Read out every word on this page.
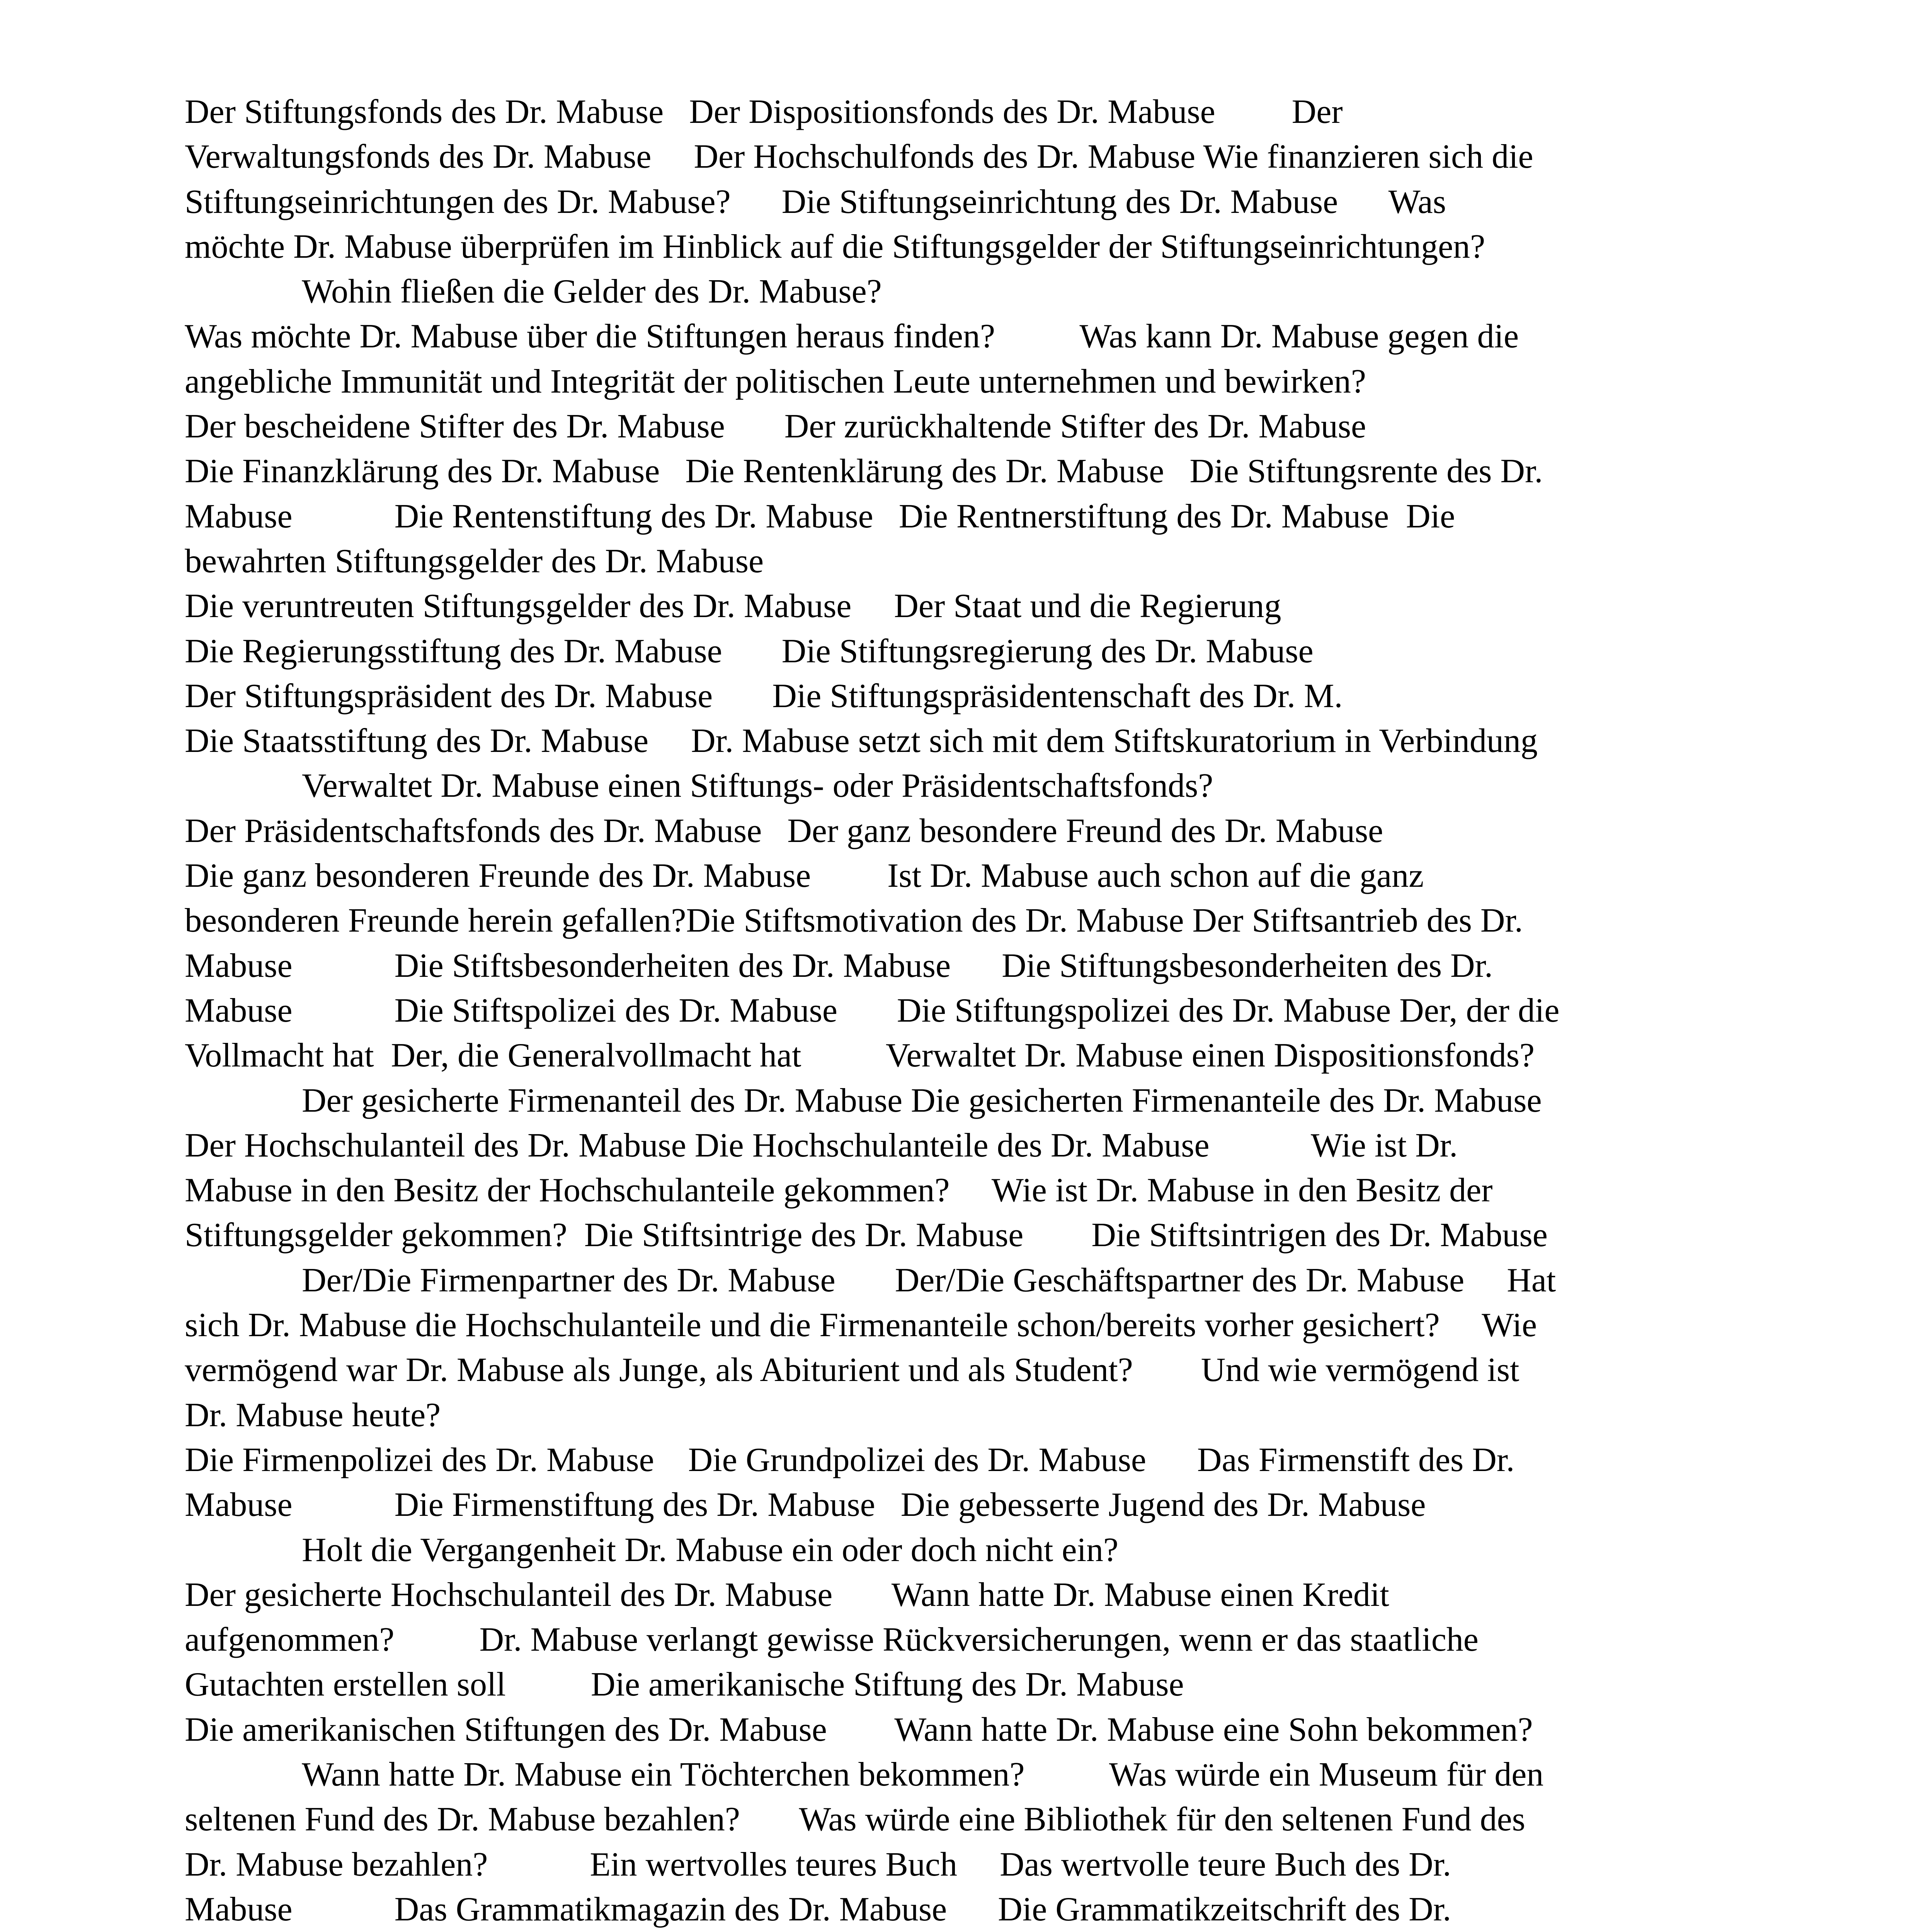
Der Stiftungsfonds des Dr. Mabuse   Der Dispositionsfonds des Dr. Mabuse         Der
Verwaltungsfonds des Dr. Mabuse     Der Hochschulfonds des Dr. Mabuse Wie finanzieren sich die
Stiftungseinrichtungen des Dr. Mabuse?      Die Stiftungseinrichtung des Dr. Mabuse      Was
möchte Dr. Mabuse überprüfen im Hinblick auf die Stiftungsgelder der Stiftungseinrichtungen?
Wohin fließen die Gelder des Dr. Mabuse?
Was möchte Dr. Mabuse über die Stiftungen heraus finden?          Was kann Dr. Mabuse gegen die
angebliche Immunität und Integrität der politischen Leute unternehmen und bewirken?
Der bescheidene Stifter des Dr. Mabuse       Der zurückhaltende Stifter des Dr. Mabuse
Die Finanzklärung des Dr. Mabuse   Die Rentenklärung des Dr. Mabuse   Die Stiftungsrente des Dr.
Mabuse            Die Rentenstiftung des Dr. Mabuse   Die Rentnerstiftung des Dr. Mabuse  Die
bewahrten Stiftungsgelder des Dr. Mabuse
Die veruntreuten Stiftungsgelder des Dr. Mabuse     Der Staat und die Regierung
Die Regierungsstiftung des Dr. Mabuse       Die Stiftungsregierung des Dr. Mabuse
Der Stiftungspräsident des Dr. Mabuse       Die Stiftungspräsidentenschaft des Dr. M.
Die Staatsstiftung des Dr. Mabuse     Dr. Mabuse setzt sich mit dem Stiftskuratorium in Verbindung
Verwaltet Dr. Mabuse einen Stiftungs- oder Präsidentschaftsfonds?
Der Präsidentschaftsfonds des Dr. Mabuse   Der ganz besondere Freund des Dr. Mabuse
Die ganz besonderen Freunde des Dr. Mabuse         Ist Dr. Mabuse auch schon auf die ganz
besonderen Freunde herein gefallen?Die Stiftsmotivation des Dr. Mabuse Der Stiftsantrieb des Dr.
Mabuse            Die Stiftsbesonderheiten des Dr. Mabuse      Die Stiftungsbesonderheiten des Dr.
Mabuse            Die Stiftspolizei des Dr. Mabuse       Die Stiftungspolizei des Dr. Mabuse Der, der die
Vollmacht hat  Der, die Generalvollmacht hat          Verwaltet Dr. Mabuse einen Dispositionsfonds?
Der gesicherte Firmenanteil des Dr. Mabuse Die gesicherten Firmenanteile des Dr. Mabuse
Der Hochschulanteil des Dr. Mabuse Die Hochschulanteile des Dr. Mabuse            Wie ist Dr.
Mabuse in den Besitz der Hochschulanteile gekommen?     Wie ist Dr. Mabuse in den Besitz der
Stiftungsgelder gekommen?  Die Stiftsintrige des Dr. Mabuse        Die Stiftsintrigen des Dr. Mabuse
Der/Die Firmenpartner des Dr. Mabuse       Der/Die Geschäftspartner des Dr. Mabuse     Hat
sich Dr. Mabuse die Hochschulanteile und die Firmenanteile schon/bereits vorher gesichert?     Wie
vermögend war Dr. Mabuse als Junge, als Abiturient und als Student?        Und wie vermögend ist
Dr. Mabuse heute?
Die Firmenpolizei des Dr. Mabuse    Die Grundpolizei des Dr. Mabuse      Das Firmenstift des Dr.
Mabuse            Die Firmenstiftung des Dr. Mabuse   Die gebesserte Jugend des Dr. Mabuse
Holt die Vergangenheit Dr. Mabuse ein oder doch nicht ein?
Der gesicherte Hochschulanteil des Dr. Mabuse       Wann hatte Dr. Mabuse einen Kredit
aufgenommen?          Dr. Mabuse verlangt gewisse Rückversicherungen, wenn er das staatliche
Gutachten erstellen soll          Die amerikanische Stiftung des Dr. Mabuse
Die amerikanischen Stiftungen des Dr. Mabuse        Wann hatte Dr. Mabuse eine Sohn bekommen?
Wann hatte Dr. Mabuse ein Töchterchen bekommen?          Was würde ein Museum für den
seltenen Fund des Dr. Mabuse bezahlen?       Was würde eine Bibliothek für den seltenen Fund des
Dr. Mabuse bezahlen?            Ein wertvolles teures Buch     Das wertvolle teure Buch des Dr.
Mabuse            Das Grammatikmagazin des Dr. Mabuse      Die Grammatikzeitschrift des Dr.
